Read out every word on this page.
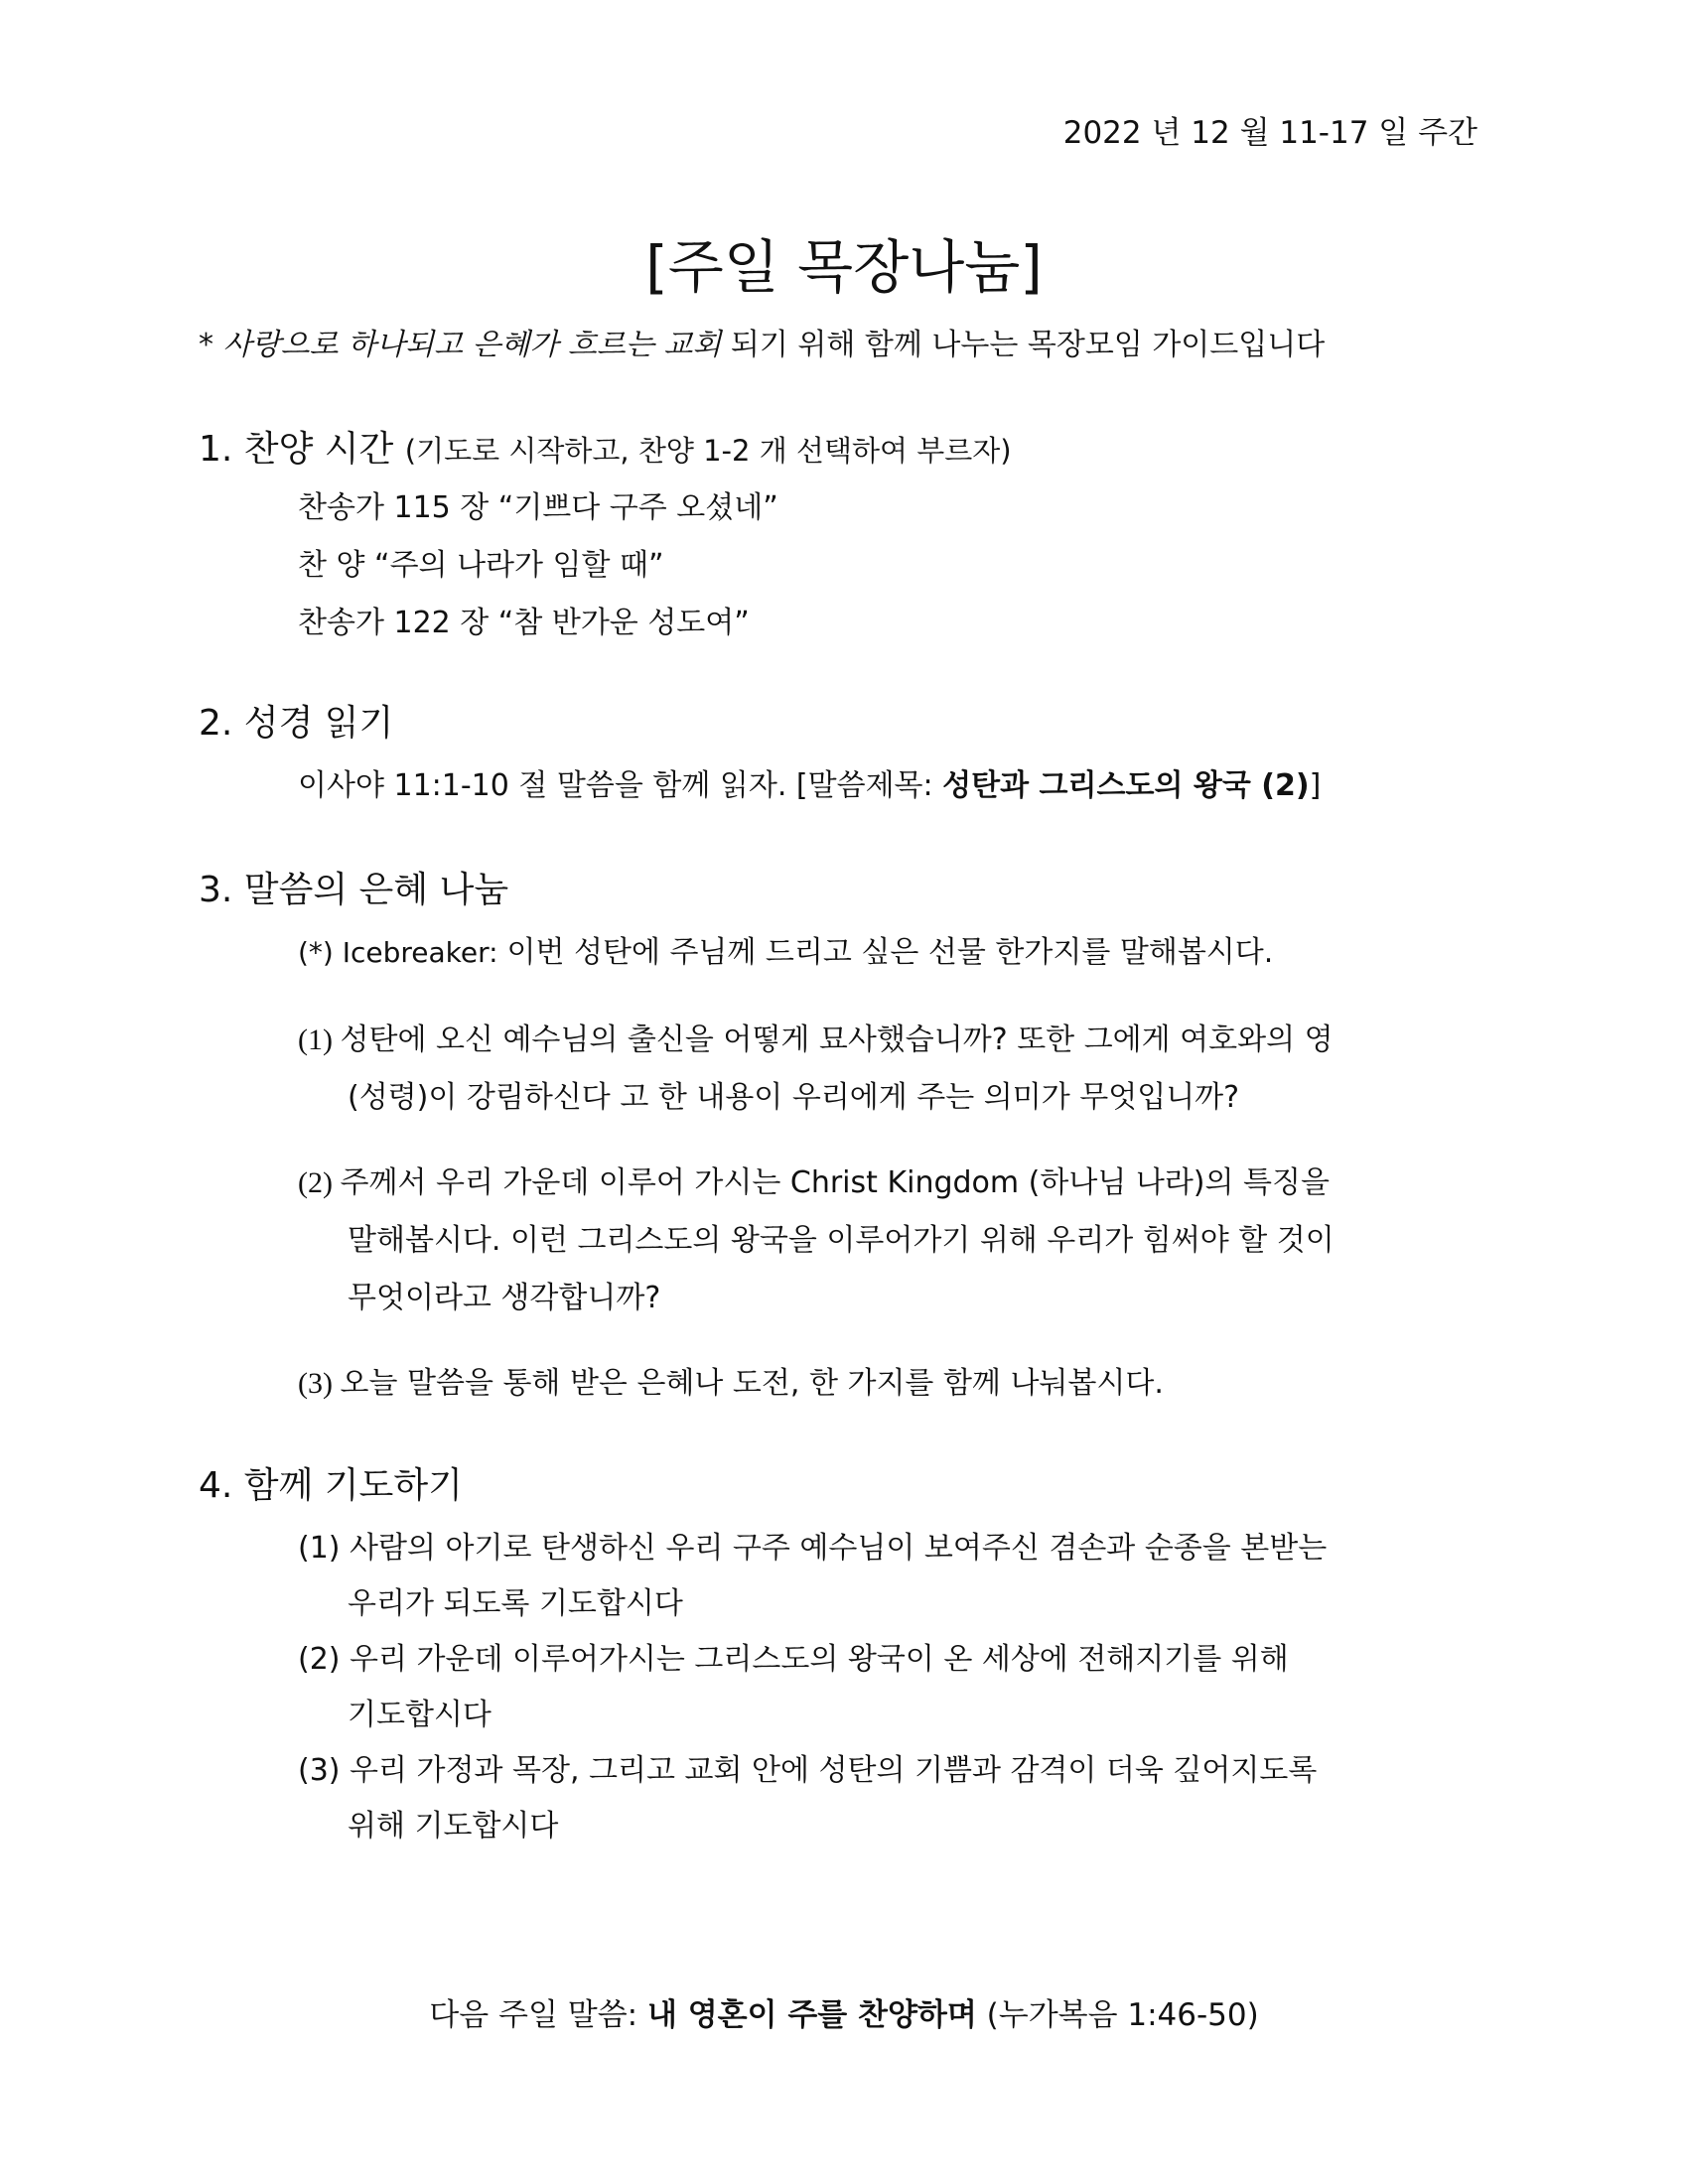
2022 년 12 월 11-17 일 주간
[주일 목장나눔]
* 사랑으로 하나되고 은혜가 흐르는 교회 되기 위해 함께 나누는 목장모임 가이드입니다
1. 찬양 시간 (기도로 시작하고, 찬양 1-2 개 선택하여 부르자)
찬송가 115 장 “기쁘다 구주 오셨네”
찬 양 “주의 나라가 임할 때”
찬송가 122 장 “참 반가운 성도여”
2. 성경 읽기
이사야 11:1-10 절 말씀을 함께 읽자. [말씀제목: 성탄과 그리스도의 왕국 (2)]
3. 말씀의 은혜 나눔
(*) Icebreaker: 이번 성탄에 주님께 드리고 싶은 선물 한가지를 말해봅시다.
(1) 성탄에 오신 예수님의 출신을 어떻게 묘사했습니까? 또한 그에게 여호와의 영
(성령)이 강림하신다 고 한 내용이 우리에게 주는 의미가 무엇입니까?
(2) 주께서 우리 가운데 이루어 가시는 Christ Kingdom (하나님 나라)의 특징을
말해봅시다. 이런 그리스도의 왕국을 이루어가기 위해 우리가 힘써야 할 것이
무엇이라고 생각합니까?
(3) 오늘 말씀을 통해 받은 은혜나 도전, 한 가지를 함께 나눠봅시다.
4. 함께 기도하기
(1) 사람의 아기로 탄생하신 우리 구주 예수님이 보여주신 겸손과 순종을 본받는
우리가 되도록 기도합시다
(2) 우리 가운데 이루어가시는 그리스도의 왕국이 온 세상에 전해지기를 위해
기도합시다
(3) 우리 가정과 목장, 그리고 교회 안에 성탄의 기쁨과 감격이 더욱 깊어지도록
위해 기도합시다
다음 주일 말씀: 내 영혼이 주를 찬양하며 (누가복음 1:46-50)
